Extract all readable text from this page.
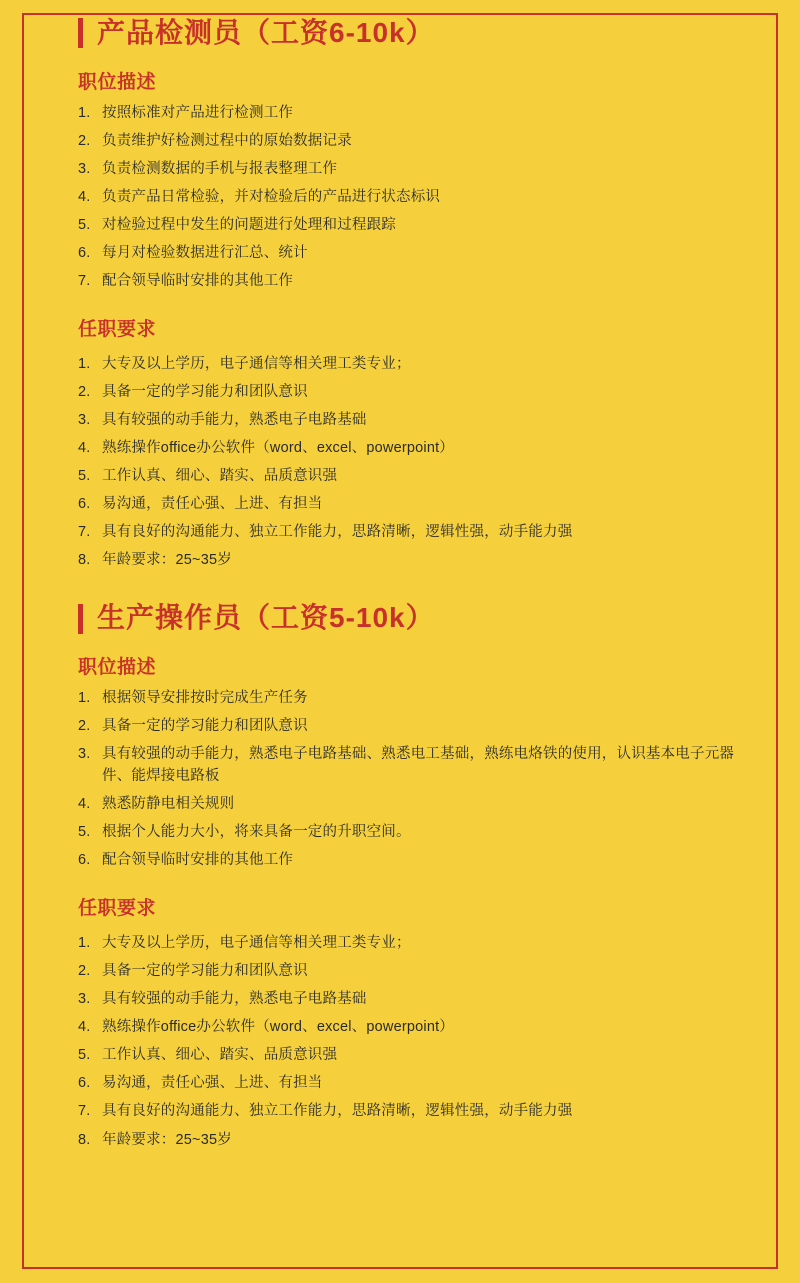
产品检测员（工资6-10k）
职位描述
1. 按照标准对产品进行检测工作
2. 负责维护好检测过程中的原始数据记录
3. 负责检测数据的手机与报表整理工作
4. 负责产品日常检验，并对检验后的产品进行状态标识
5. 对检验过程中发生的问题进行处理和过程跟踪
6. 每月对检验数据进行汇总、统计
7. 配合领导临时安排的其他工作
任职要求
1. 大专及以上学历，电子通信等相关理工类专业；
2. 具备一定的学习能力和团队意识
3. 具有较强的动手能力，熟悉电子电路基础
4. 熟练操作office办公软件（word、excel、powerpoint）
5. 工作认真、细心、踏实、品质意识强
6. 易沟通，责任心强、上进、有担当
7. 具有良好的沟通能力、独立工作能力，思路清晰，逻辑性强，动手能力强
8. 年龄要求：25~35岁
生产操作员（工资5-10k）
职位描述
1. 根据领导安排按时完成生产任务
2. 具备一定的学习能力和团队意识
3. 具有较强的动手能力，熟悉电子电路基础、熟悉电工基础，熟练电烙铁的使用，认识基本电子元器件、能焊接电路板
4. 熟悉防静电相关规则
5. 根据个人能力大小，将来具备一定的升职空间。
6. 配合领导临时安排的其他工作
任职要求
1. 大专及以上学历，电子通信等相关理工类专业；
2. 具备一定的学习能力和团队意识
3. 具有较强的动手能力，熟悉电子电路基础
4. 熟练操作office办公软件（word、excel、powerpoint）
5. 工作认真、细心、踏实、品质意识强
6. 易沟通，责任心强、上进、有担当
7. 具有良好的沟通能力、独立工作能力，思路清晰，逻辑性强，动手能力强
8. 年龄要求：25~35岁
